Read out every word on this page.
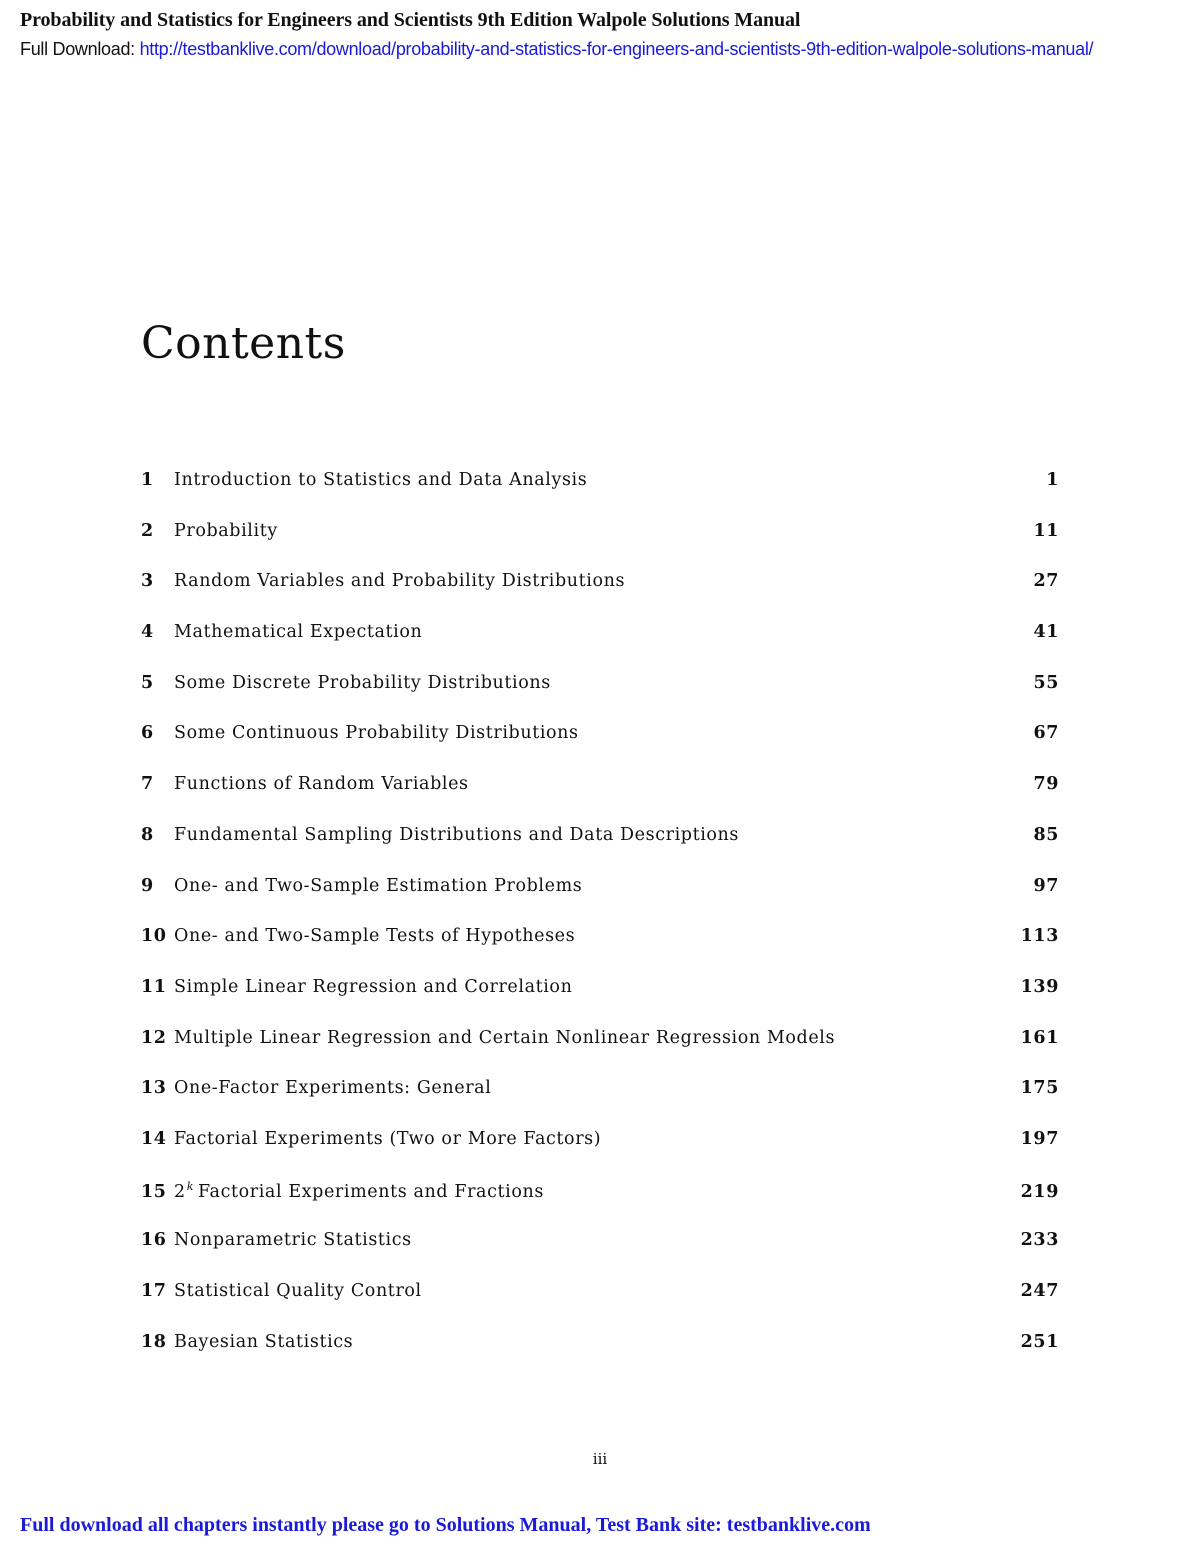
Probability and Statistics for Engineers and Scientists 9th Edition Walpole Solutions Manual
Full Download: http://testbanklive.com/download/probability-and-statistics-for-engineers-and-scientists-9th-edition-walpole-solutions-manual/
Contents
1	Introduction to Statistics and Data Analysis	1
2	Probability	11
3	Random Variables and Probability Distributions	27
4	Mathematical Expectation	41
5	Some Discrete Probability Distributions	55
6	Some Continuous Probability Distributions	67
7	Functions of Random Variables	79
8	Fundamental Sampling Distributions and Data Descriptions	85
9	One- and Two-Sample Estimation Problems	97
10 One- and Two-Sample Tests of Hypotheses	113
11 Simple Linear Regression and Correlation	139
12 Multiple Linear Regression and Certain Nonlinear Regression Models	161
13 One-Factor Experiments: General	175
14 Factorial Experiments (Two or More Factors)	197
15 2$^k$ Factorial Experiments and Fractions	219
16 Nonparametric Statistics	233
17 Statistical Quality Control	247
18 Bayesian Statistics	251
iii
Full download all chapters instantly please go to Solutions Manual, Test Bank site: testbanklive.com
